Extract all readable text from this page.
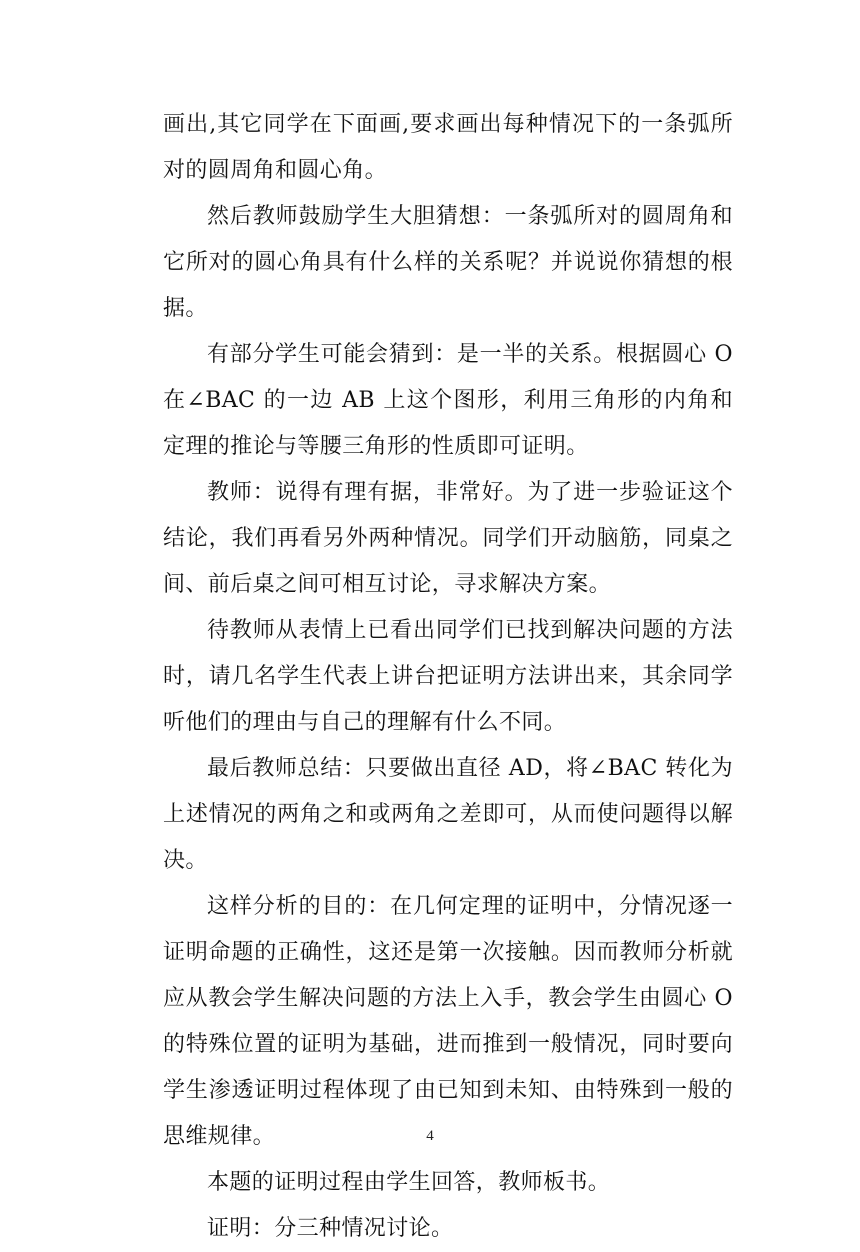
画出,其它同学在下面画,要求画出每种情况下的一条弧所对的圆周角和圆心角。

然后教师鼓励学生大胆猜想：一条弧所对的圆周角和它所对的圆心角具有什么样的关系呢？并说说你猜想的根据。

有部分学生可能会猜到：是一半的关系。根据圆心 O 在∠BAC 的一边 AB 上这个图形，利用三角形的内角和定理的推论与等腰三角形的性质即可证明。

教师：说得有理有据，非常好。为了进一步验证这个结论，我们再看另外两种情况。同学们开动脑筋，同桌之间、前后桌之间可相互讨论，寻求解决方案。

待教师从表情上已看出同学们已找到解决问题的方法时，请几名学生代表上讲台把证明方法讲出来，其余同学听他们的理由与自己的理解有什么不同。

最后教师总结：只要做出直径 AD，将∠BAC 转化为上述情况的两角之和或两角之差即可，从而使问题得以解决。

这样分析的目的：在几何定理的证明中，分情况逐一证明命题的正确性，这还是第一次接触。因而教师分析就应从教会学生解决问题的方法上入手，教会学生由圆心 O 的特殊位置的证明为基础，进而推到一般情况，同时要向学生渗透证明过程体现了由已知到未知、由特殊到一般的思维规律。

本题的证明过程由学生回答，教师板书。

证明：分三种情况讨论。

4
